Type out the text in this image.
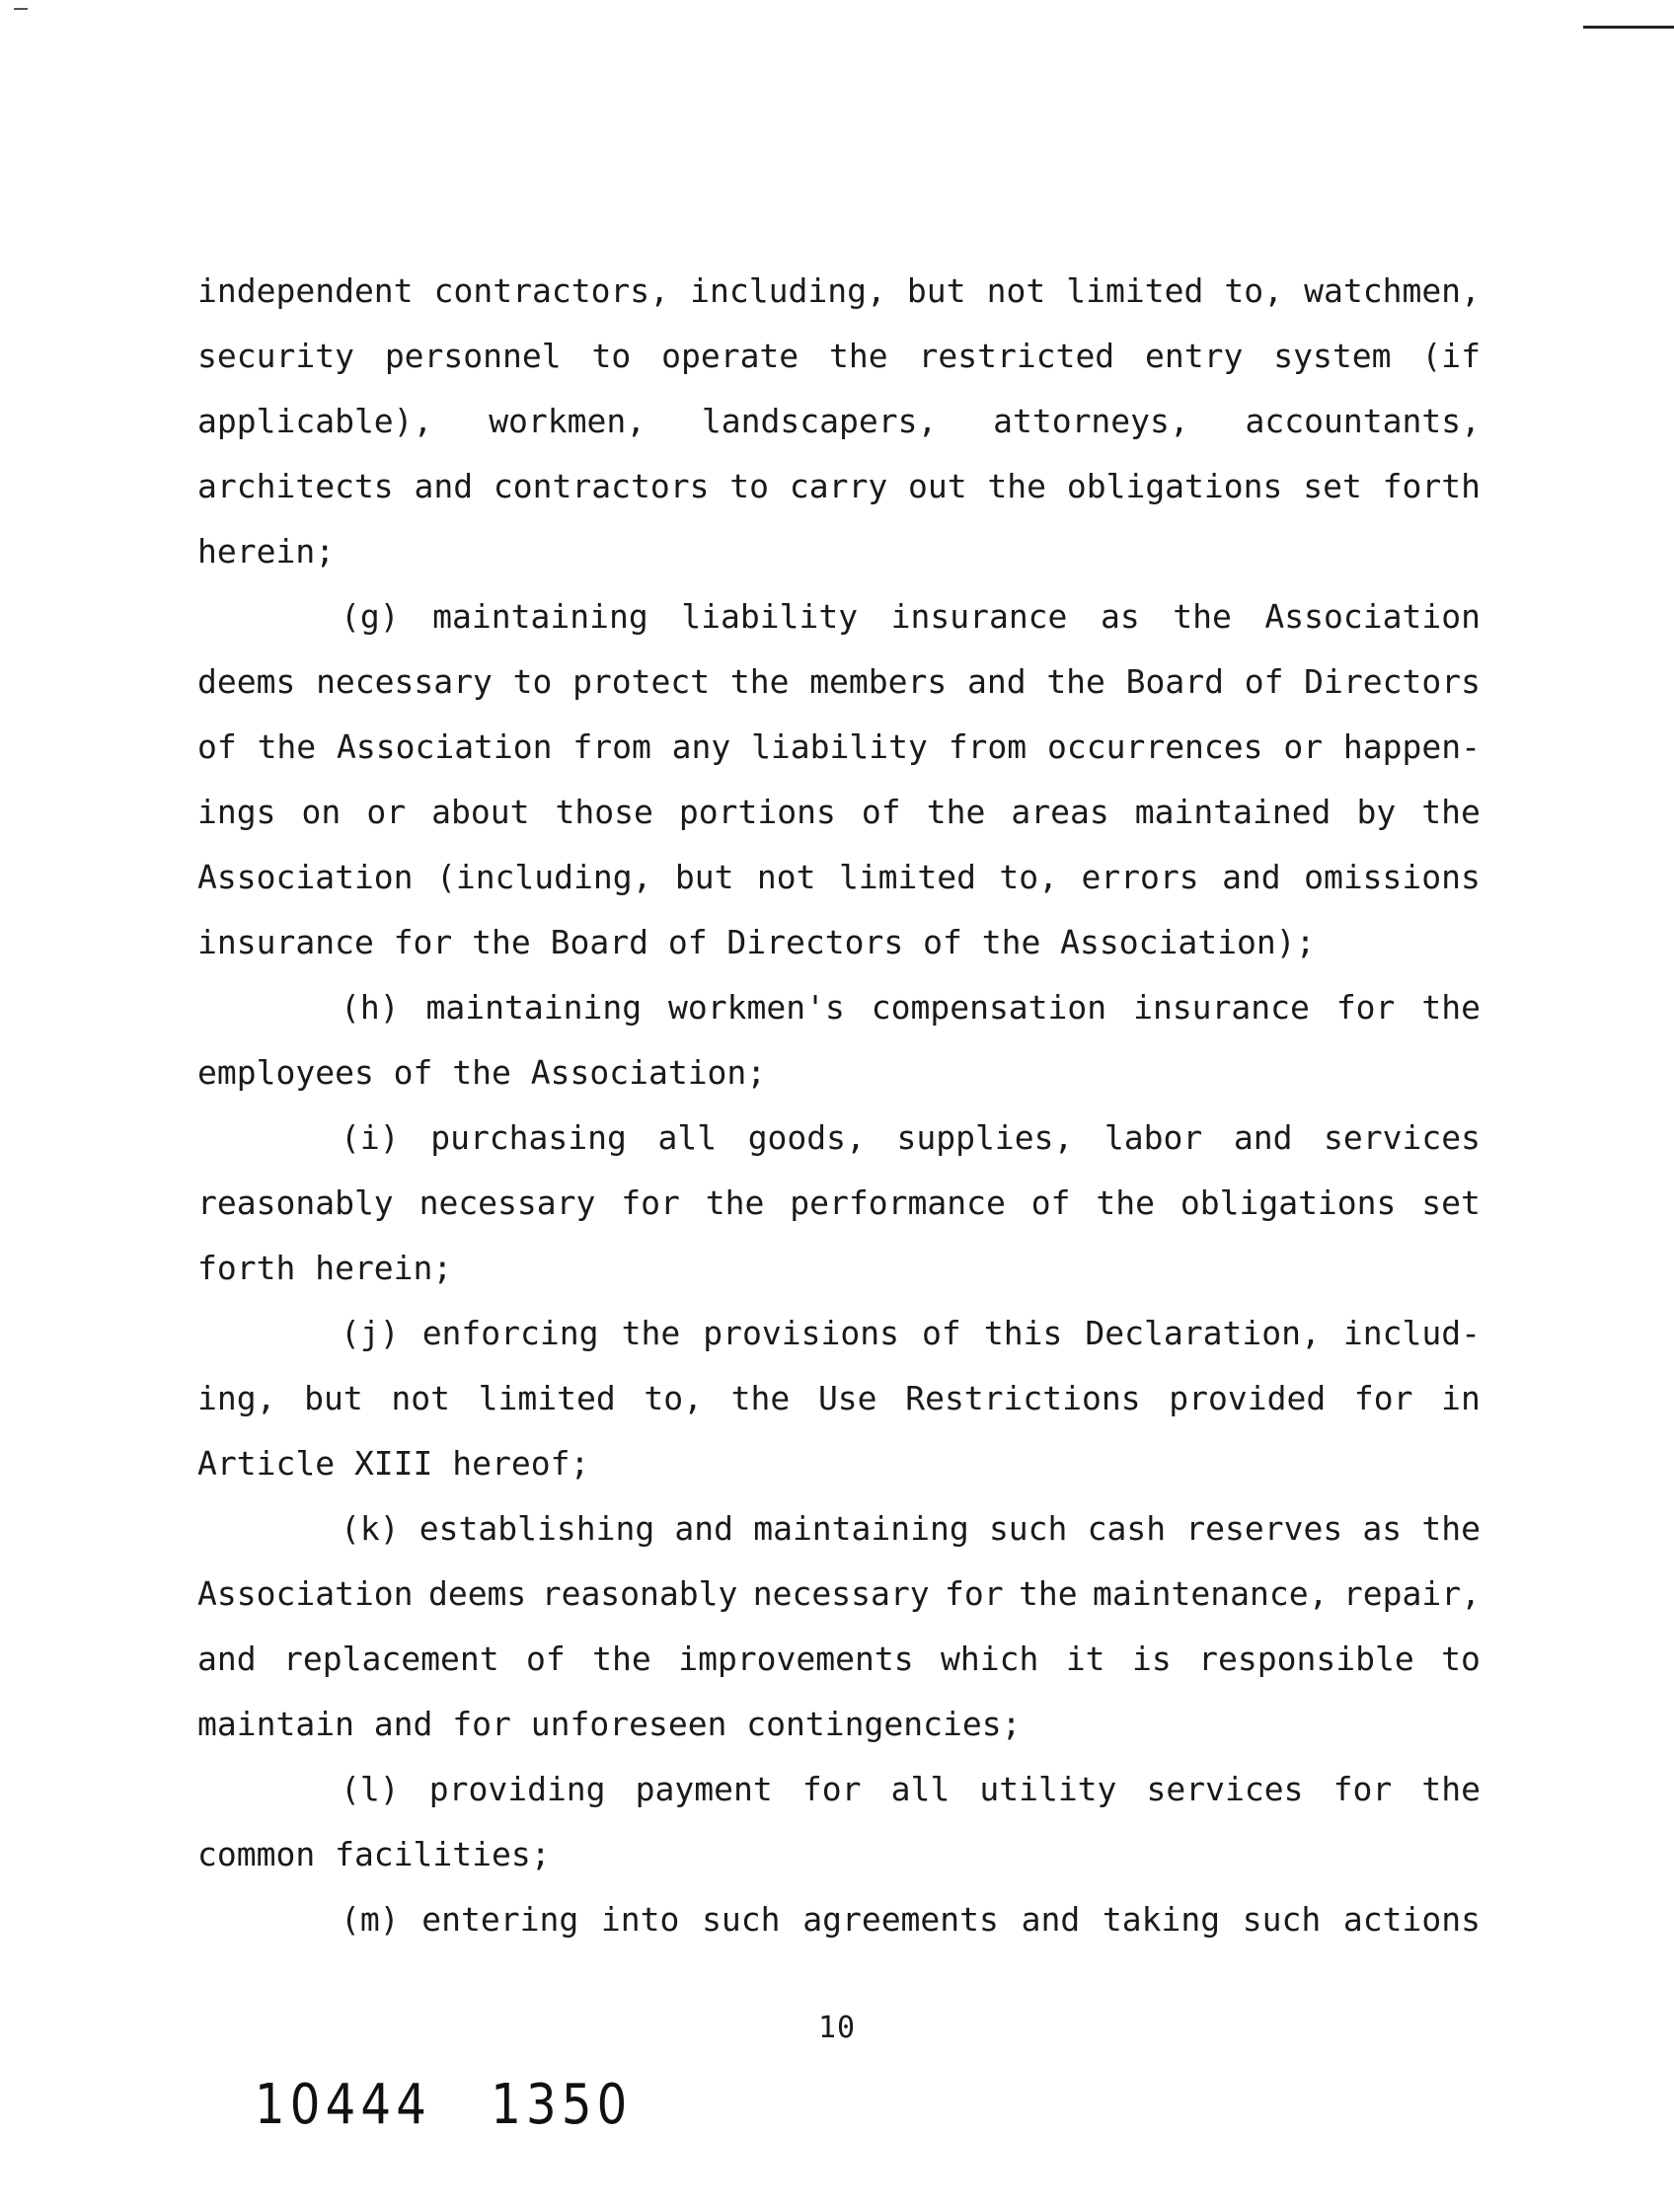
independent contractors, including, but not limited to, watchmen,
security personnel to operate the restricted entry system (if
applicable), workmen, landscapers, attorneys, accountants,
architects and contractors to carry out the obligations set forth
herein;
(g) maintaining liability insurance as the Association
deems necessary to protect the members and the Board of Directors
of the Association from any liability from occurrences or happen-
ings on or about those portions of the areas maintained by the
Association (including, but not limited to, errors and omissions
insurance for the Board of Directors of the Association);
(h) maintaining workmen's compensation insurance for the
employees of the Association;
(i) purchasing all goods, supplies, labor and services
reasonably necessary for the performance of the obligations set
forth herein;
(j) enforcing the provisions of this Declaration, includ-
ing, but not limited to, the Use Restrictions provided for in
Article XIII hereof;
(k) establishing and maintaining such cash reserves as the
Association deems reasonably necessary for the maintenance, repair,
and replacement of the improvements which it is responsible to
maintain and for unforeseen contingencies;
(l) providing payment for all utility services for the
common facilities;
(m) entering into such agreements and taking such actions
10
10444 1350
